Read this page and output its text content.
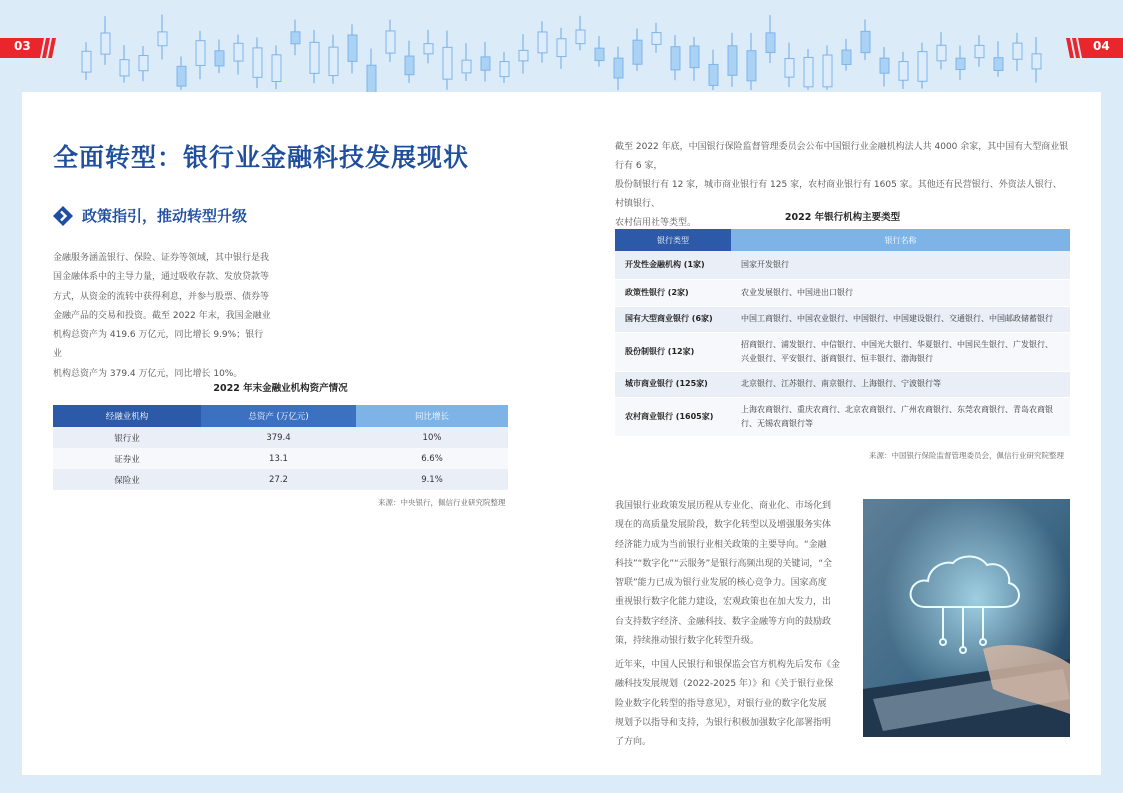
03	04
全面转型：银行业金融科技发展现状
政策指引，推动转型升级

金融服务涵盖银行、保险、证券等领域，其中银行是我

国金融体系中的主导力量，通过吸收存款、发放贷款等

方式，从资金的流转中获得利息，并参与股票、债券等

金融产品的交易和投资。截至 2022 年末，我国金融业

机构总资产为 419.6 万亿元，同比增长 9.9%；银行业

机构总资产为 379.4 万亿元，同比增长 10%。

2022 年末金融业机构资产情况
经融业机构	总资产 (万亿元)	同比增长
银行业	379.4	10%
证券业	13.1	6.6%
保险业	27.2	9.1%
来源：中央银行，佩信行业研究院整理

截至 2022 年底，中国银行保险监督管理委员会公布中国银行业金融机构法人共 4000 余家，其中国有大型商业银行有 6 家，

股份制银行有 12 家，城市商业银行有 125 家，农村商业银行有 1605 家。其他还有民营银行、外资法人银行、村镇银行、

农村信用社等类型。	2022 年银行机构主要类型
银行类型	银行名称
开发性金融机构 (1家)	国家开发银行
政策性银行 (2家)	农业发展银行、中国进出口银行
国有大型商业银行 (6家)	中国工商银行、中国农业银行、中国银行、中国建设银行、交通银行、中国邮政储蓄银行
股份制银行 (12家)	招商银行、浦发银行、中信银行、中国光大银行、华夏银行、中国民生银行、广发银行、兴业银行、平安银行、浙商银行、恒丰银行、渤海银行
城市商业银行 (125家)	北京银行、江苏银行、南京银行、上海银行、宁波银行等
农村商业银行 (1605家)	上海农商银行、重庆农商行、北京农商银行、广州农商银行、东莞农商银行、青岛农商银行、无锡农商银行等
来源：中国银行保险监督管理委员会，佩信行业研究院整理

我国银行业政策发展历程从专业化、商业化、市场化到

现在的高质量发展阶段，数字化转型以及增强服务实体

经济能力成为当前银行业相关政策的主要导向。“金融

科技”“数字化”“云服务”是银行高频出现的关键词，“全

智联”能力已成为银行业发展的核心竞争力。国家高度

重视银行数字化能力建设，宏观政策也在加大发力，出

台支持数字经济、金融科技、数字金融等方向的鼓励政

策，持续推动银行数字化转型升级。

近年来，中国人民银行和银保监会官方机构先后发布《金

融科技发展规划（2022-2025 年）》和《关于银行业保

险业数字化转型的指导意见》，对银行业的数字化发展

规划予以指导和支持，为银行积极加强数字化部署指明

了方向。
